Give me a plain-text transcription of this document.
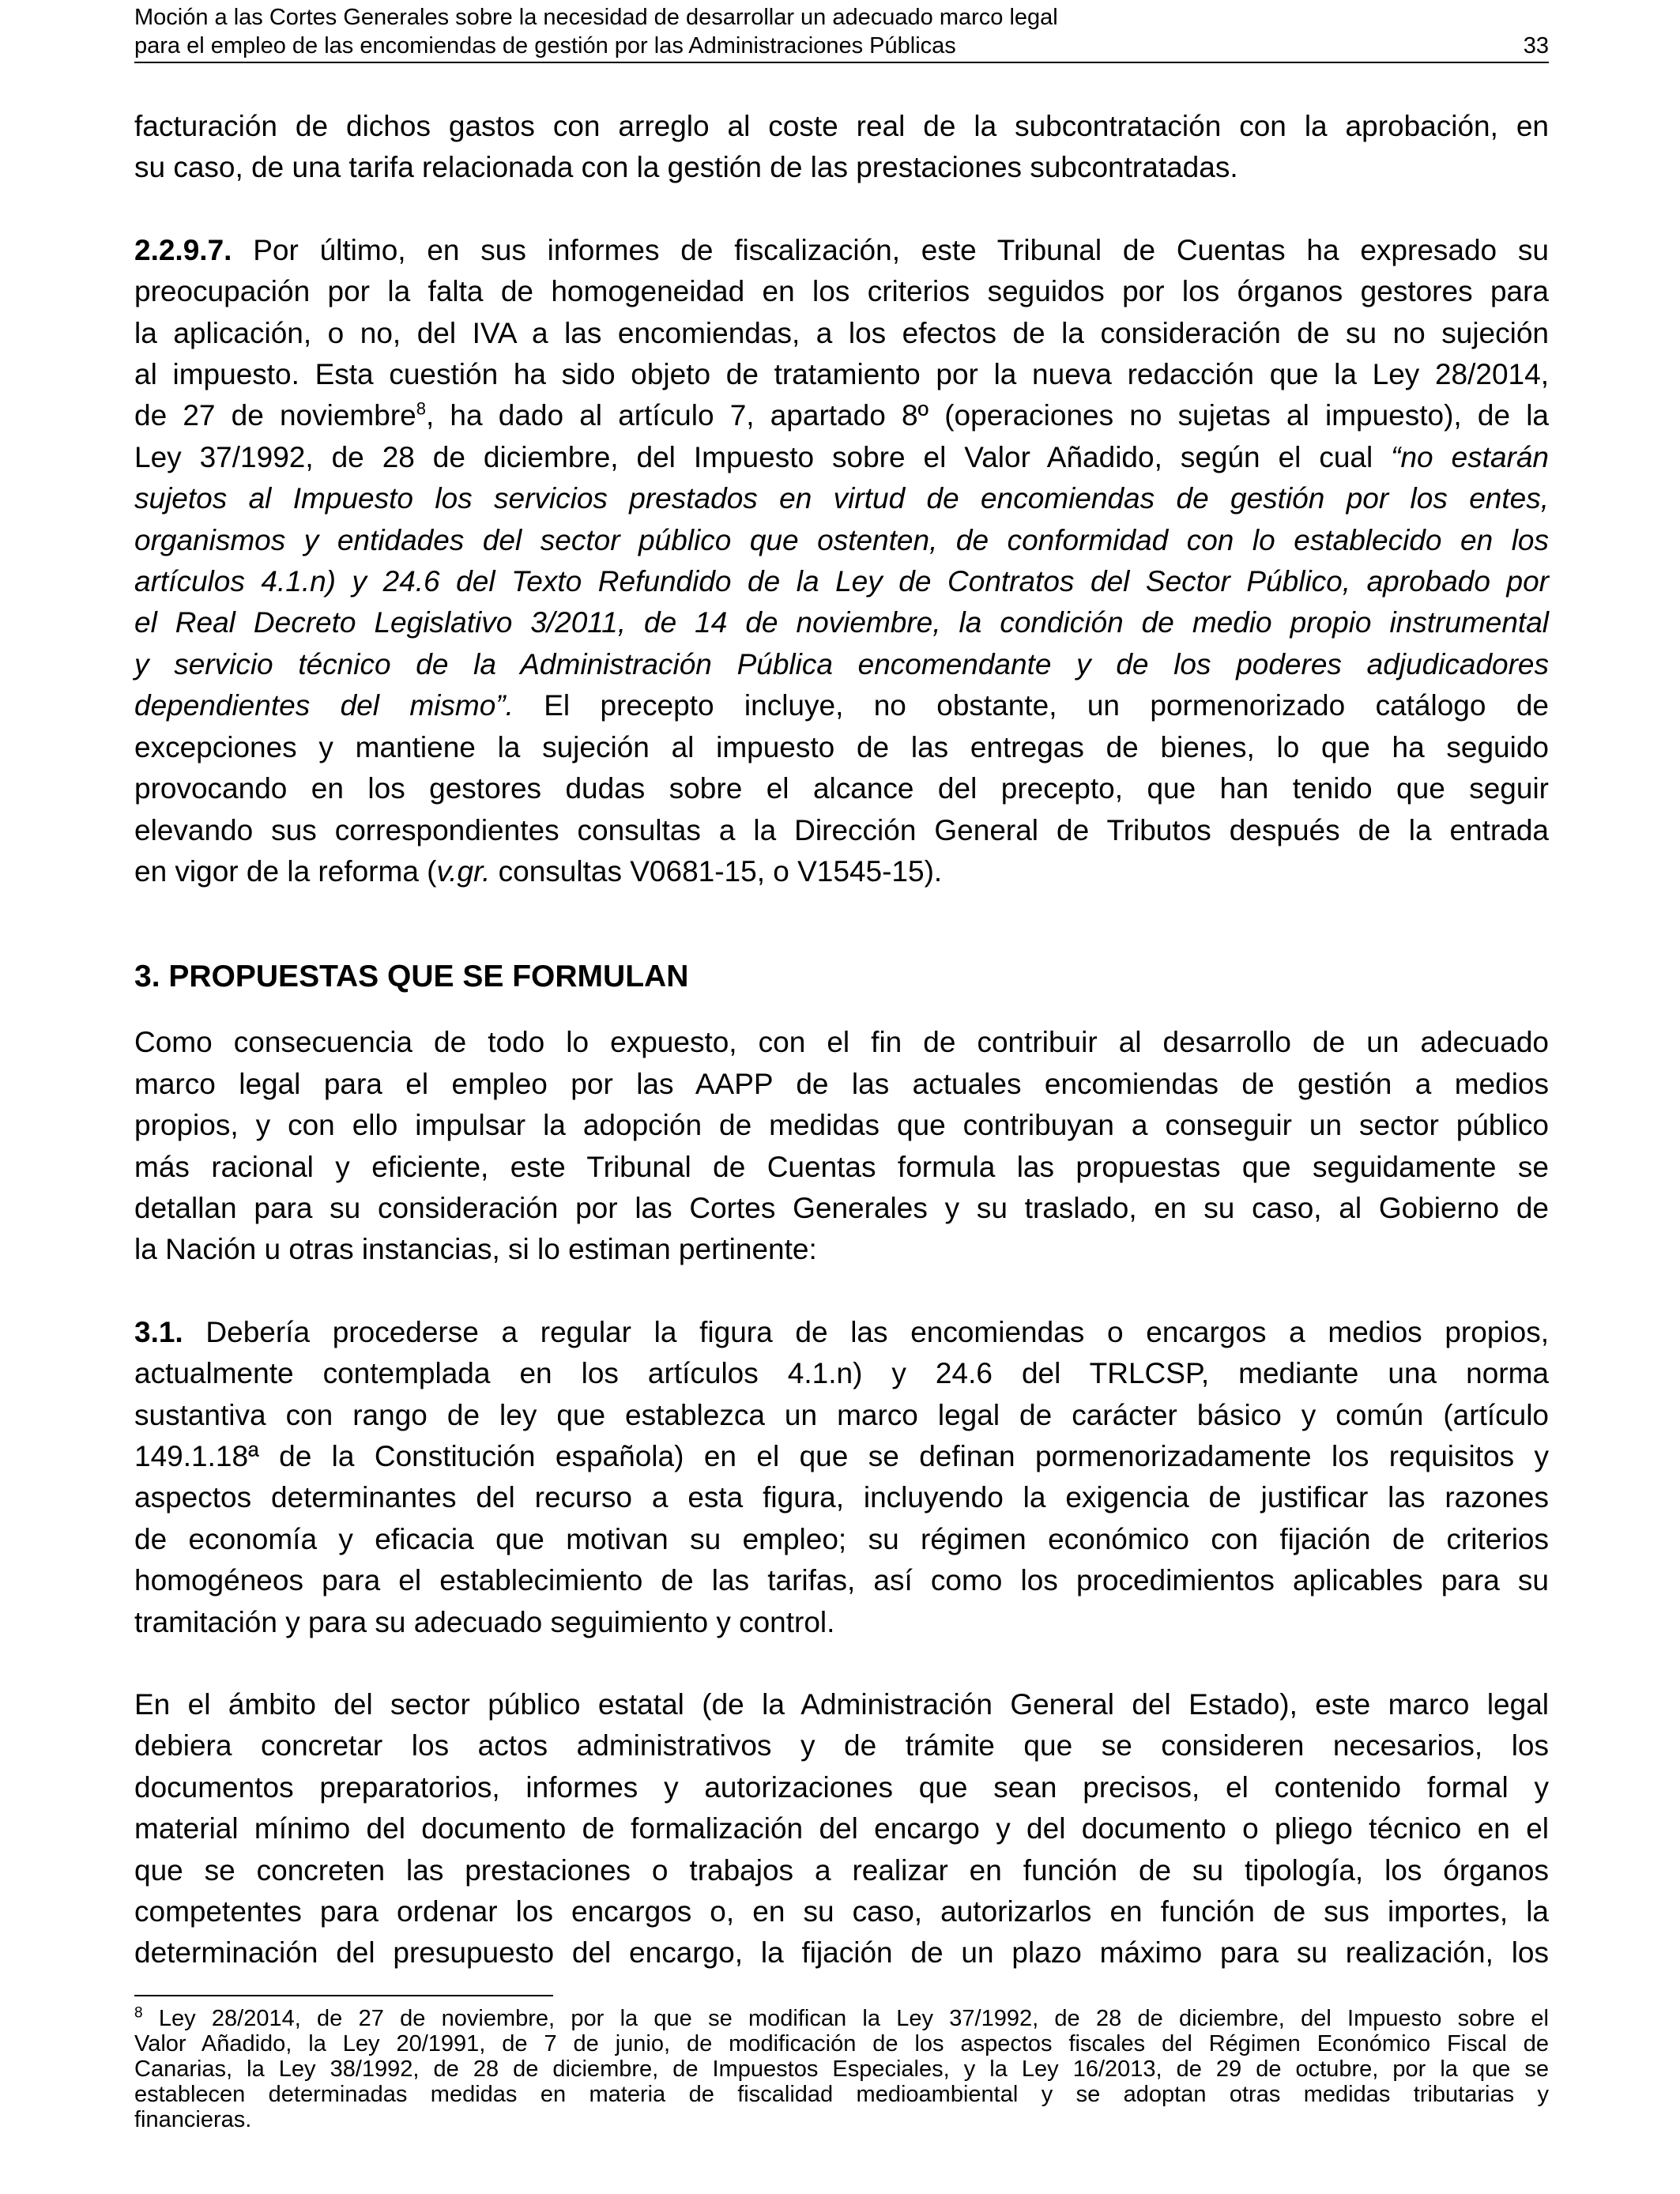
Moción a las Cortes Generales sobre la necesidad de desarrollar un adecuado marco legal
para el empleo de las encomiendas de gestión por las Administraciones Públicas	33

facturación de dichos gastos con arreglo al coste real de la subcontratación con la aprobación, en
su caso, de una tarifa relacionada con la gestión de las prestaciones subcontratadas.

2.2.9.7. Por último, en sus informes de fiscalización, este Tribunal de Cuentas ha expresado su
preocupación por la falta de homogeneidad en los criterios seguidos por los órganos gestores para
la aplicación, o no, del IVA a las encomiendas, a los efectos de la consideración de su no sujeción
al impuesto. Esta cuestión ha sido objeto de tratamiento por la nueva redacción que la Ley 28/2014,
de 27 de noviembre$^8$, ha dado al artículo 7, apartado 8º (operaciones no sujetas al impuesto), de la
Ley 37/1992, de 28 de diciembre, del Impuesto sobre el Valor Añadido, según el cual “no estarán
sujetos al Impuesto los servicios prestados en virtud de encomiendas de gestión por los entes,
organismos y entidades del sector público que ostenten, de conformidad con lo establecido en los
artículos 4.1.n) y 24.6 del Texto Refundido de la Ley de Contratos del Sector Público, aprobado por
el Real Decreto Legislativo 3/2011, de 14 de noviembre, la condición de medio propio instrumental
y servicio técnico de la Administración Pública encomendante y de los poderes adjudicadores
dependientes del mismo”. El precepto incluye, no obstante, un pormenorizado catálogo de
excepciones y mantiene la sujeción al impuesto de las entregas de bienes, lo que ha seguido
provocando en los gestores dudas sobre el alcance del precepto, que han tenido que seguir
elevando sus correspondientes consultas a la Dirección General de Tributos después de la entrada
en vigor de la reforma (v.gr. consultas V0681-15, o V1545-15).

3. PROPUESTAS QUE SE FORMULAN

Como consecuencia de todo lo expuesto, con el fin de contribuir al desarrollo de un adecuado
marco legal para el empleo por las AAPP de las actuales encomiendas de gestión a medios
propios, y con ello impulsar la adopción de medidas que contribuyan a conseguir un sector público
más racional y eficiente, este Tribunal de Cuentas formula las propuestas que seguidamente se
detallan para su consideración por las Cortes Generales y su traslado, en su caso, al Gobierno de
la Nación u otras instancias, si lo estiman pertinente:

3.1. Debería procederse a regular la figura de las encomiendas o encargos a medios propios,
actualmente contemplada en los artículos 4.1.n) y 24.6 del TRLCSP, mediante una norma
sustantiva con rango de ley que establezca un marco legal de carácter básico y común (artículo
149.1.18ª de la Constitución española) en el que se definan pormenorizadamente los requisitos y
aspectos determinantes del recurso a esta figura, incluyendo la exigencia de justificar las razones
de economía y eficacia que motivan su empleo; su régimen económico con fijación de criterios
homogéneos para el establecimiento de las tarifas, así como los procedimientos aplicables para su
tramitación y para su adecuado seguimiento y control.

En el ámbito del sector público estatal (de la Administración General del Estado), este marco legal
debiera concretar los actos administrativos y de trámite que se consideren necesarios, los
documentos preparatorios, informes y autorizaciones que sean precisos, el contenido formal y
material mínimo del documento de formalización del encargo y del documento o pliego técnico en el
que se concreten las prestaciones o trabajos a realizar en función de su tipología, los órganos
competentes para ordenar los encargos o, en su caso, autorizarlos en función de sus importes, la
determinación del presupuesto del encargo, la fijación de un plazo máximo para su realización, los

$^8$ Ley 28/2014, de 27 de noviembre, por la que se modifican la Ley 37/1992, de 28 de diciembre, del Impuesto sobre el
Valor Añadido, la Ley 20/1991, de 7 de junio, de modificación de los aspectos fiscales del Régimen Económico Fiscal de
Canarias, la Ley 38/1992, de 28 de diciembre, de Impuestos Especiales, y la Ley 16/2013, de 29 de octubre, por la que se
establecen determinadas medidas en materia de fiscalidad medioambiental y se adoptan otras medidas tributarias y
financieras.
